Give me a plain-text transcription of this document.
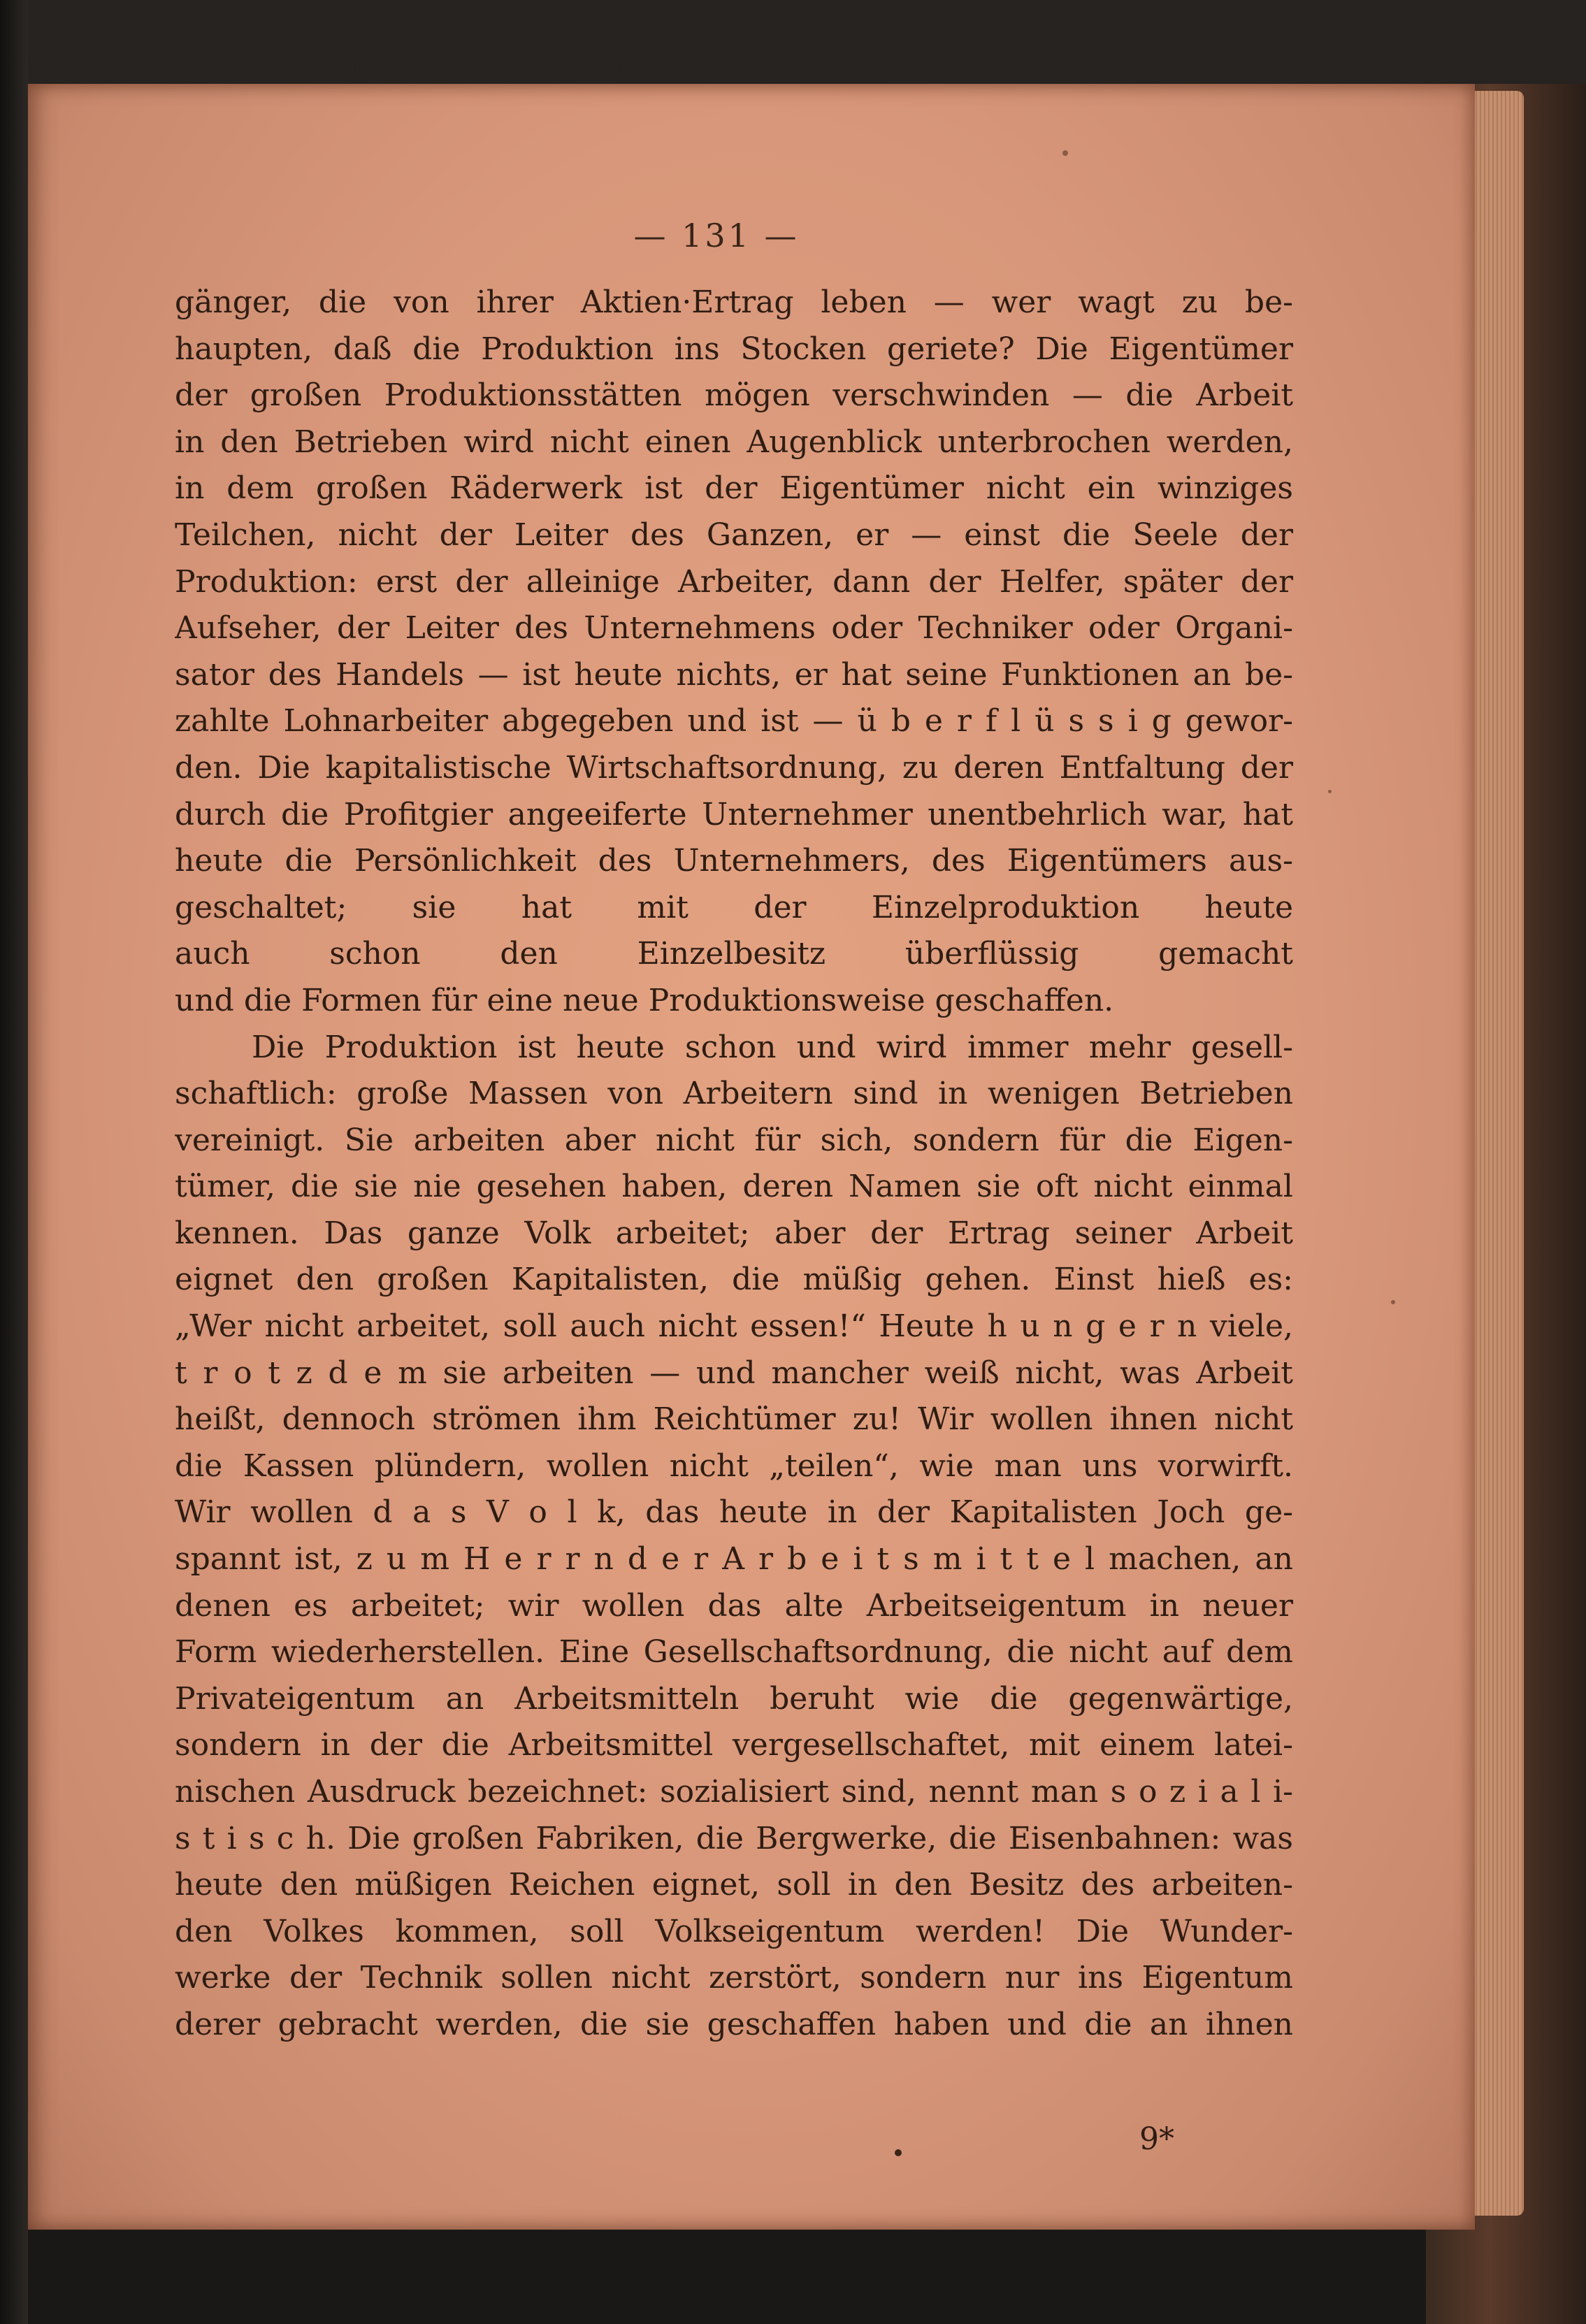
— 131 —
gänger, die von ihrer Aktien·Ertrag leben — wer wagt zu be-
haupten, daß die Produktion ins Stocken geriete? Die Eigentümer
der großen Produktionsstätten mögen verschwinden — die Arbeit
in den Betrieben wird nicht einen Augenblick unterbrochen werden,
in dem großen Räderwerk ist der Eigentümer nicht ein winziges
Teilchen, nicht der Leiter des Ganzen, er — einst die Seele der
Produktion: erst der alleinige Arbeiter, dann der Helfer, später der
Aufseher, der Leiter des Unternehmens oder Techniker oder Organi-
sator des Handels — ist heute nichts, er hat seine Funktionen an be-
zahlte Lohnarbeiter abgegeben und ist — ü b e r f l ü s s i g gewor-
den. Die kapitalistische Wirtschaftsordnung, zu deren Entfaltung der
durch die Profitgier angeeiferte Unternehmer unentbehrlich war, hat
heute die Persönlichkeit des Unternehmers, des Eigentümers aus-
geschaltet; sie hat mit der Einzelproduktion heute
auch schon den Einzelbesitz überflüssig gemacht
und die Formen für eine neue Produktionsweise geschaffen.
Die Produktion ist heute schon und wird immer mehr gesell-
schaftlich: große Massen von Arbeitern sind in wenigen Betrieben
vereinigt. Sie arbeiten aber nicht für sich, sondern für die Eigen-
tümer, die sie nie gesehen haben, deren Namen sie oft nicht einmal
kennen. Das ganze Volk arbeitet; aber der Ertrag seiner Arbeit
eignet den großen Kapitalisten, die müßig gehen. Einst hieß es:
„Wer nicht arbeitet, soll auch nicht essen!“ Heute h u n g e r n viele,
t r o t z d e m sie arbeiten — und mancher weiß nicht, was Arbeit
heißt, dennoch strömen ihm Reichtümer zu! Wir wollen ihnen nicht
die Kassen plündern, wollen nicht „teilen“, wie man uns vorwirft.
Wir wollen d a s V o l k, das heute in der Kapitalisten Joch ge-
spannt ist, z u m H e r r n d e r A r b e i t s m i t t e l machen, an
denen es arbeitet; wir wollen das alte Arbeitseigentum in neuer
Form wiederherstellen. Eine Gesellschaftsordnung, die nicht auf dem
Privateigentum an Arbeitsmitteln beruht wie die gegenwärtige,
sondern in der die Arbeitsmittel vergesellschaftet, mit einem latei-
nischen Ausdruck bezeichnet: sozialisiert sind, nennt man s o z i a l i-
s t i s c h. Die großen Fabriken, die Bergwerke, die Eisenbahnen: was
heute den müßigen Reichen eignet, soll in den Besitz des arbeiten-
den Volkes kommen, soll Volkseigentum werden! Die Wunder-
werke der Technik sollen nicht zerstört, sondern nur ins Eigentum
derer gebracht werden, die sie geschaffen haben und die an ihnen
9*
